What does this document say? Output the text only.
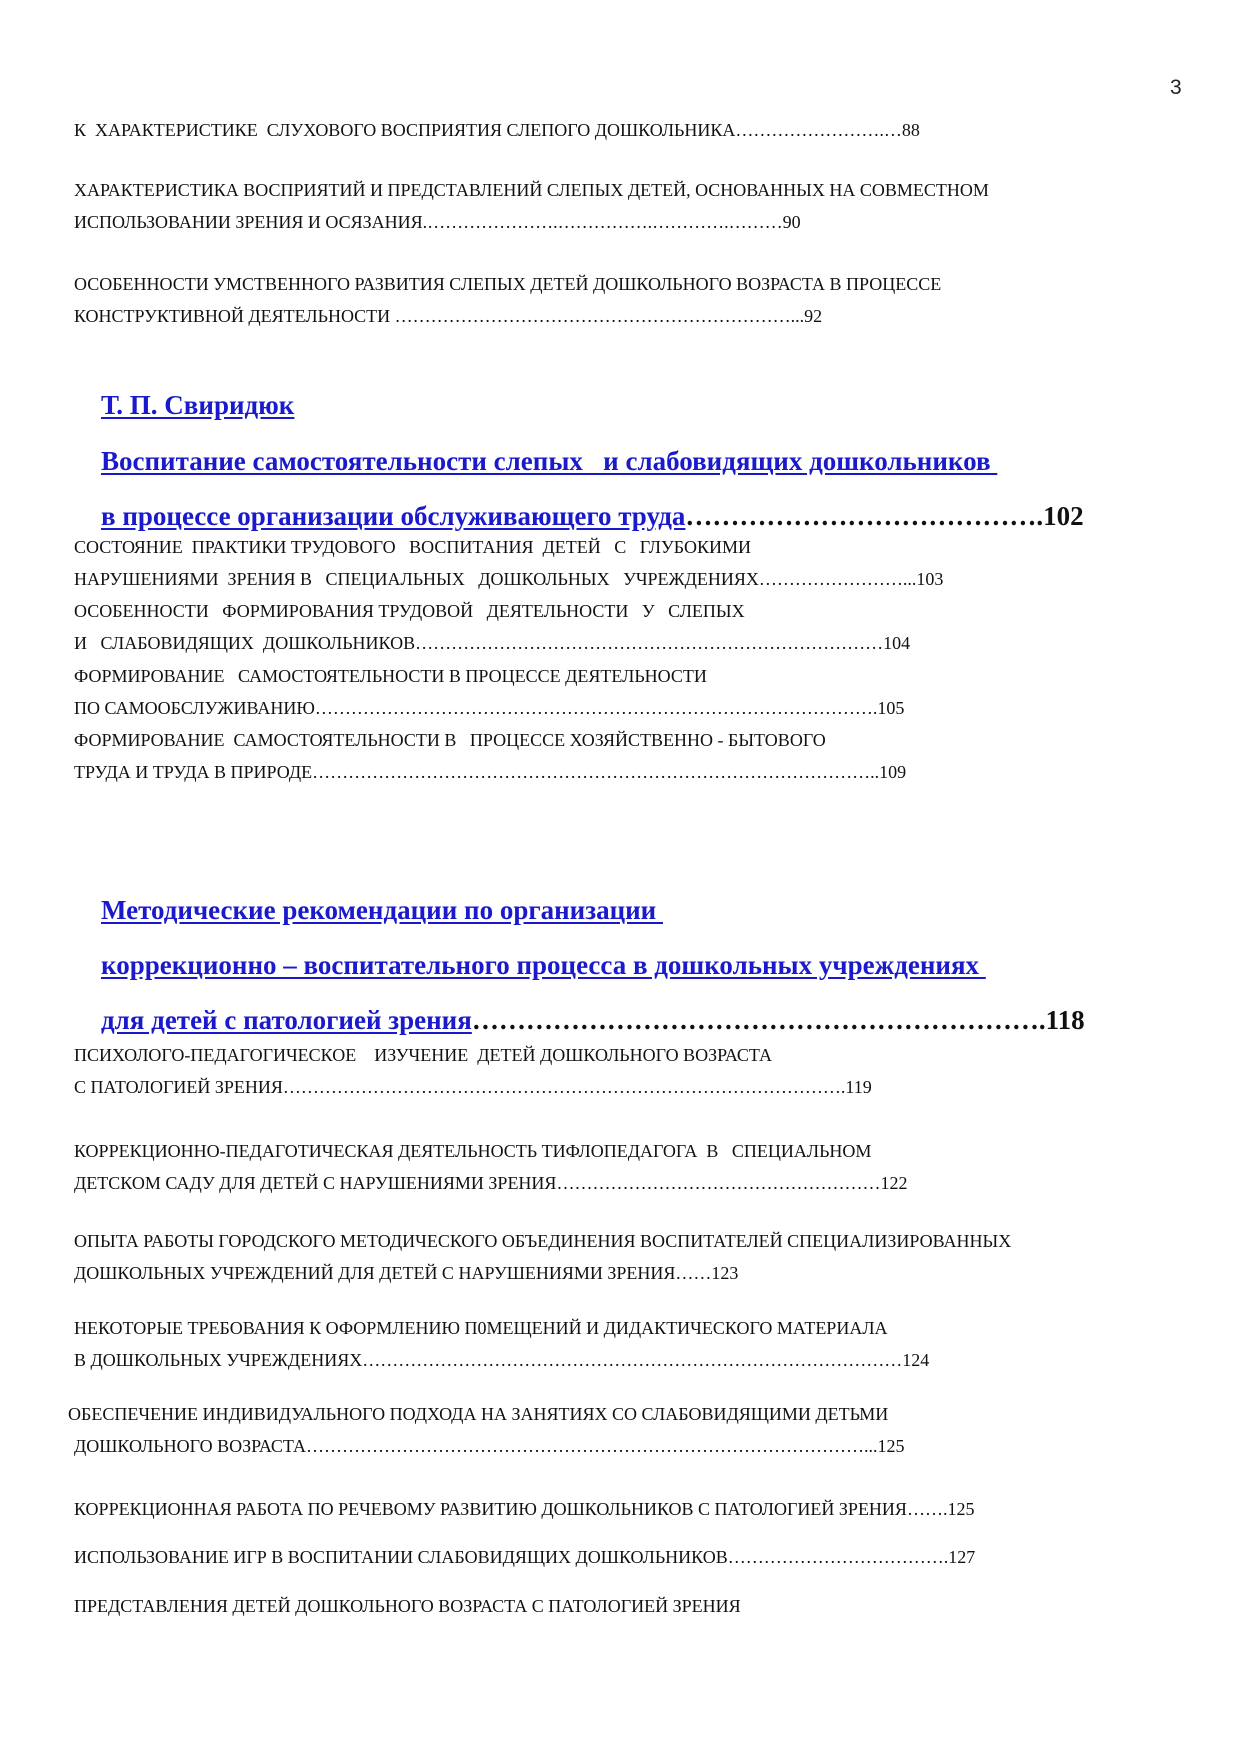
3
К  ХАРАКТЕРИСТИКЕ  СЛУХОВОГО ВОСПРИЯТИЯ СЛЕПОГО ДОШКОЛЬНИКА…………………….…88
ХАРАКТЕРИСТИКА ВОСПРИЯТИЙ И ПРЕДСТАВЛЕНИЙ СЛЕПЫХ ДЕТЕЙ, ОСНОВАННЫХ НА СОВМЕСТНОМ
ИСПОЛЬЗОВАНИИ ЗРЕНИЯ И ОСЯЗАНИЯ.………………….…………….………….………90
ОСОБЕННОСТИ УМСТВЕННОГО РАЗВИТИЯ СЛЕПЫХ ДЕТЕЙ ДОШКОЛЬНОГО ВОЗРАСТА В ПРОЦЕССЕ
КОНСТРУКТИВНОЙ ДЕЯТЕЛЬНОСТИ …………………………………………………………...92

Т. П. Свиридюк

Воспитание самостоятельности слепых   и слабовидящих дошкольников

в процессе организации обслуживающего труда………………………………….102

СОСТОЯНИЕ  ПРАКТИКИ ТРУДОВОГО   ВОСПИТАНИЯ  ДЕТЕЙ   С   ГЛУБОКИМИ
НАРУШЕНИЯМИ  ЗРЕНИЯ В   СПЕЦИАЛЬНЫХ   ДОШКОЛЬНЫХ   УЧРЕЖДЕНИЯХ……………………...103
ОСОБЕННОСТИ   ФОРМИРОВАНИЯ ТРУДОВОЙ   ДЕЯТЕЛЬНОСТИ   У   СЛЕПЫХ
И   СЛАБОВИДЯЩИХ  ДОШКОЛЬНИКОВ……………………………………………………………………104
ФОРМИРОВАНИЕ   САМОСТОЯТЕЛЬНОСТИ В ПРОЦЕССЕ ДЕЯТЕЛЬНОСТИ
ПО САМООБСЛУЖИВАНИЮ………………………………………………………………………………….105
ФОРМИРОВАНИЕ  САМОСТОЯТЕЛЬНОСТИ В   ПРОЦЕССЕ ХОЗЯЙСТВЕННО - БЫТОВОГО
ТРУДА И ТРУДА В ПРИРОДЕ…………………………………………………………………………………..109

Методические рекомендации по организации

коррекционно – воспитательного процесса в дошкольных учреждениях

для детей с патологией зрения……………………………………………………….118

ПСИХОЛОГО-ПЕДАГОГИЧЕСКОЕ    ИЗУЧЕНИЕ  ДЕТЕЙ ДОШКОЛЬНОГО ВОЗРАСТА
С ПАТОЛОГИЕЙ ЗРЕНИЯ………………………………………………………………………………….119
КОРРЕКЦИОННО-ПЕДАГОТИЧЕСКАЯ ДЕЯТЕЛЬНОСТЬ ТИФЛОПЕДАГОГА  В   СПЕЦИАЛЬНОМ
ДЕТСКОМ САДУ ДЛЯ ДЕТЕЙ С НАРУШЕНИЯМИ ЗРЕНИЯ………………………………………………122
ОПЫТА РАБОТЫ ГОРОДСКОГО МЕТОДИЧЕСКОГО ОБЪЕДИНЕНИЯ ВОСПИТАТЕЛЕЙ СПЕЦИАЛИЗИРОВАННЫХ
ДОШКОЛЬНЫХ УЧРЕЖДЕНИЙ ДЛЯ ДЕТЕЙ С НАРУШЕНИЯМИ ЗРЕНИЯ……123
НЕКОТОРЫЕ ТРЕБОВАНИЯ К ОФОРМЛЕНИЮ П0МЕЩЕНИЙ И ДИДАКТИЧЕСКОГО МАТЕРИАЛА
В ДОШКОЛЬНЫХ УЧРЕЖДЕНИЯХ………………………………………………………………………………124
ОБЕСПЕЧЕНИЕ ИНДИВИДУАЛЬНОГО ПОДХОДА НА ЗАНЯТИЯХ СО СЛАБОВИДЯЩИМИ ДЕТЬМИ
ДОШКОЛЬНОГО ВОЗРАСТА…………………………………………………………………………………...125
КОРРЕКЦИОННАЯ РАБОТА ПО РЕЧЕВОМУ РАЗВИТИЮ ДОШКОЛЬНИКОВ С ПАТОЛОГИЕЙ ЗРЕНИЯ…….125
ИСПОЛЬЗОВАНИЕ ИГР В ВОСПИТАНИИ СЛАБОВИДЯЩИХ ДОШКОЛЬНИКОВ……………………………….127
ПРЕДСТАВЛЕНИЯ ДЕТЕЙ ДОШКОЛЬНОГО ВОЗРАСТА С ПАТОЛОГИЕЙ ЗРЕНИЯ
